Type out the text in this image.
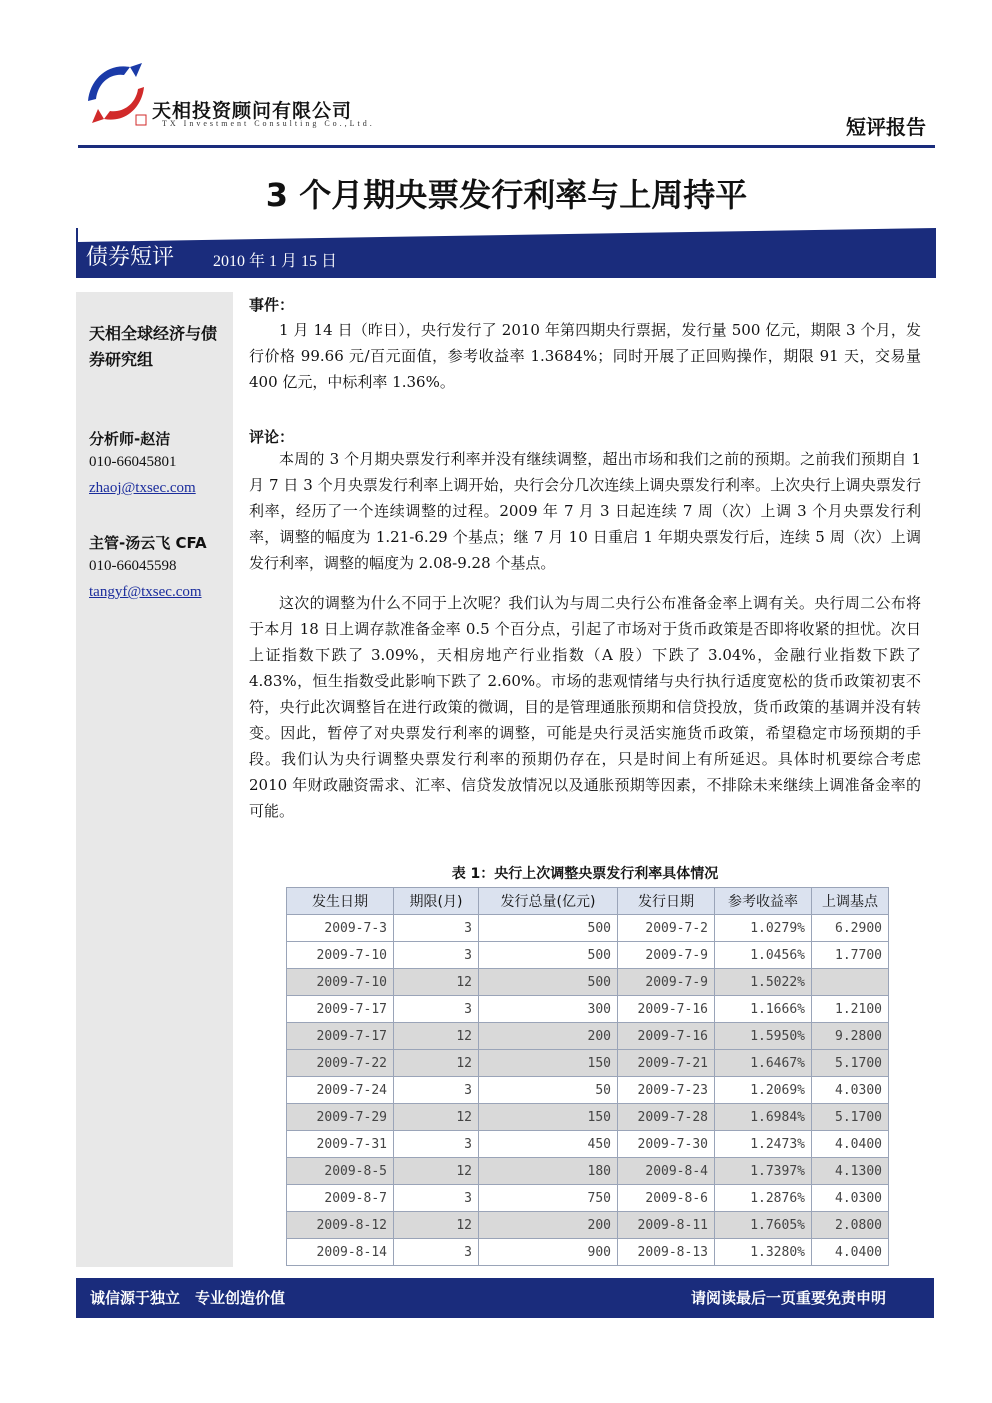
天相投资顾问有限公司
TX Investment Consulting Co.,Ltd.	短评报告
3 个月期央票发行利率与上周持平
债券短评 2010 年 1 月 15 日
天相全球经济与债券研究组
分析师-赵洁
010-66045801
zhaoj@txsec.com
主管-汤云飞 CFA
010-66045598
tangyf@txsec.com
事件：

1 月 14 日（昨日），央行发行了 2010 年第四期央行票据，发行量 500 亿元，期限 3 个月，发行价格 99.66 元/百元面值，参考收益率 1.3684%；同时开展了正回购操作，期限 91 天，交易量 400 亿元，中标利率 1.36%。

评论：

本周的 3 个月期央票发行利率并没有继续调整，超出市场和我们之前的预期。之前我们预期自 1 月 7 日 3 个月央票发行利率上调开始，央行会分几次连续上调央票发行利率。上次央行上调央票发行利率，经历了一个连续调整的过程。2009 年 7 月 3 日起连续 7 周（次）上调 3 个月央票发行利率，调整的幅度为 1.21-6.29 个基点；继 7 月 10 日重启 1 年期央票发行后，连续 5 周（次）上调发行利率，调整的幅度为 2.08-9.28 个基点。

这次的调整为什么不同于上次呢？我们认为与周二央行公布准备金率上调有关。央行周二公布将于本月 18 日上调存款准备金率 0.5 个百分点，引起了市场对于货币政策是否即将收紧的担忧。次日上证指数下跌了 3.09%，天相房地产行业指数（A 股）下跌了 3.04%，金融行业指数下跌了 4.83%，恒生指数受此影响下跌了 2.60%。市场的悲观情绪与央行执行适度宽松的货币政策初衷不符，央行此次调整旨在进行政策的微调，目的是管理通胀预期和信贷投放，货币政策的基调并没有转变。因此，暂停了对央票发行利率的调整，可能是央行灵活实施货币政策，希望稳定市场预期的手段。我们认为央行调整央票发行利率的预期仍存在，只是时间上有所延迟。具体时机要综合考虑 2010 年财政融资需求、汇率、信贷发放情况以及通胀预期等因素，不排除未来继续上调准备金率的可能。

表 1：央行上次调整央票发行利率具体情况
发生日期	期限(月)	发行总量(亿元)	发行日期	参考收益率	上调基点
2009-7-3	3	500	2009-7-2	1.0279%	6.2900
2009-7-10	3	500	2009-7-9	1.0456%	1.7700
2009-7-10	12	500	2009-7-9	1.5022%	
2009-7-17	3	300	2009-7-16	1.1666%	1.2100
2009-7-17	12	200	2009-7-16	1.5950%	9.2800
2009-7-22	12	150	2009-7-21	1.6467%	5.1700
2009-7-24	3	50	2009-7-23	1.2069%	4.0300
2009-7-29	12	150	2009-7-28	1.6984%	5.1700
2009-7-31	3	450	2009-7-30	1.2473%	4.0400
2009-8-5	12	180	2009-8-4	1.7397%	4.1300
2009-8-7	3	750	2009-8-6	1.2876%	4.0300
2009-8-12	12	200	2009-8-11	1.7605%	2.0800
2009-8-14	3	900	2009-8-13	1.3280%	4.0400
诚信源于独立　专业创造价值	请阅读最后一页重要免责申明
